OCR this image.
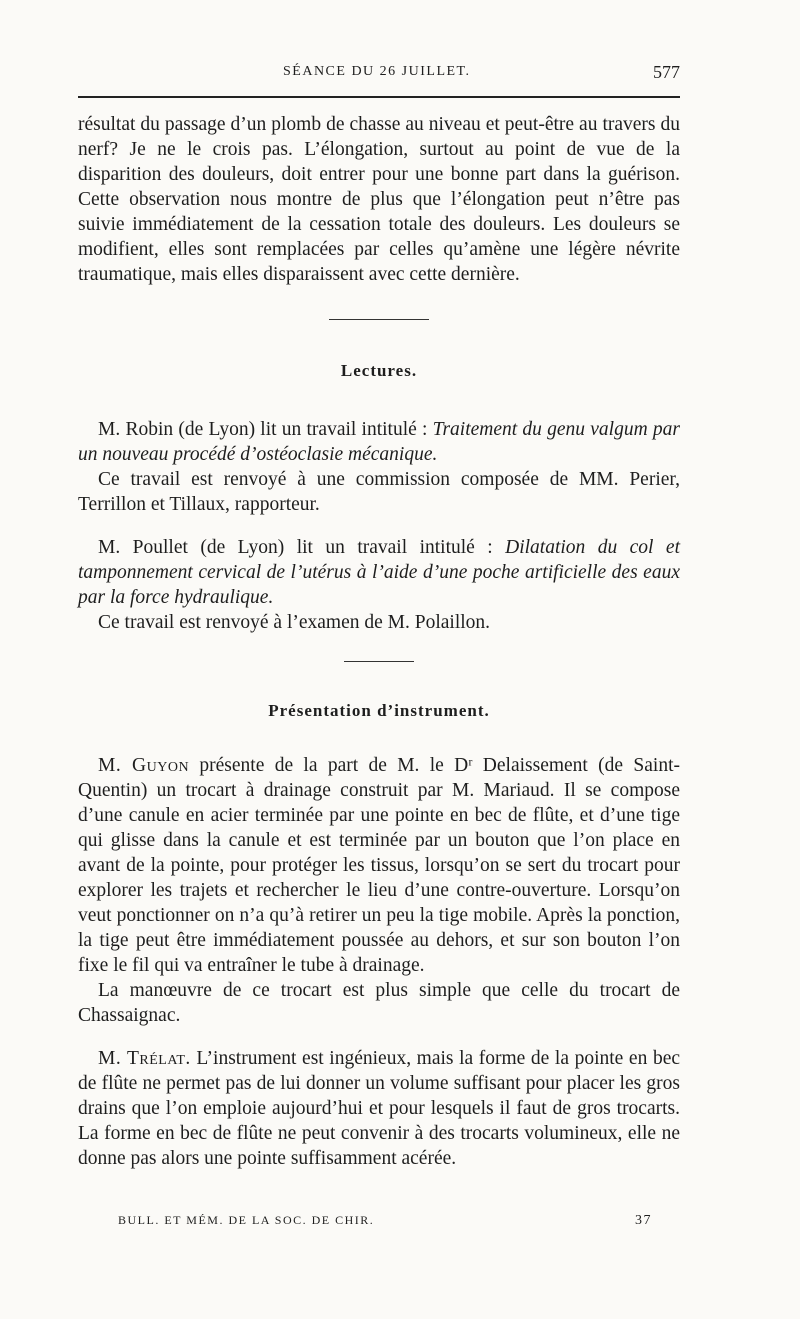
SÉANCE DU 26 JUILLET.	577

résultat du passage d’un plomb de chasse au niveau et peut-être au travers du nerf? Je ne le crois pas. L’élongation, surtout au point de vue de la disparition des douleurs, doit entrer pour une bonne part dans la guérison. Cette observation nous montre de plus que l’élongation peut n’être pas suivie immédiatement de la cessation totale des douleurs. Les douleurs se modifient, elles sont remplacées par celles qu’amène une légère névrite traumatique, mais elles disparaissent avec cette dernière.

Lectures.

M. Robin (de Lyon) lit un travail intitulé : Traitement du genu valgum par un nouveau procédé d’ostéoclasie mécanique.

Ce travail est renvoyé à une commission composée de MM. Perier, Terrillon et Tillaux, rapporteur.

M. Poullet (de Lyon) lit un travail intitulé : Dilatation du col et tamponnement cervical de l’utérus à l’aide d’une poche artificielle des eaux par la force hydraulique.

Ce travail est renvoyé à l’examen de M. Polaillon.

Présentation d’instrument.

M. Guyon présente de la part de M. le Dʳ Delaissement (de Saint-Quentin) un trocart à drainage construit par M. Mariaud. Il se compose d’une canule en acier terminée par une pointe en bec de flûte, et d’une tige qui glisse dans la canule et est terminée par un bouton que l’on place en avant de la pointe, pour protéger les tissus, lorsqu’on se sert du trocart pour explorer les trajets et rechercher le lieu d’une contre-ouverture. Lorsqu’on veut ponctionner on n’a qu’à retirer un peu la tige mobile. Après la ponction, la tige peut être immédiatement poussée au dehors, et sur son bouton l’on fixe le fil qui va entraîner le tube à drainage.

La manœuvre de ce trocart est plus simple que celle du trocart de Chassaignac.

M. Trélat. L’instrument est ingénieux, mais la forme de la pointe en bec de flûte ne permet pas de lui donner un volume suffisant pour placer les gros drains que l’on emploie aujourd’hui et pour lesquels il faut de gros trocarts. La forme en bec de flûte ne peut convenir à des trocarts volumineux, elle ne donne pas alors une pointe suffisamment acérée.

BULL. ET MÉM. DE LA SOC. DE CHIR.	37
